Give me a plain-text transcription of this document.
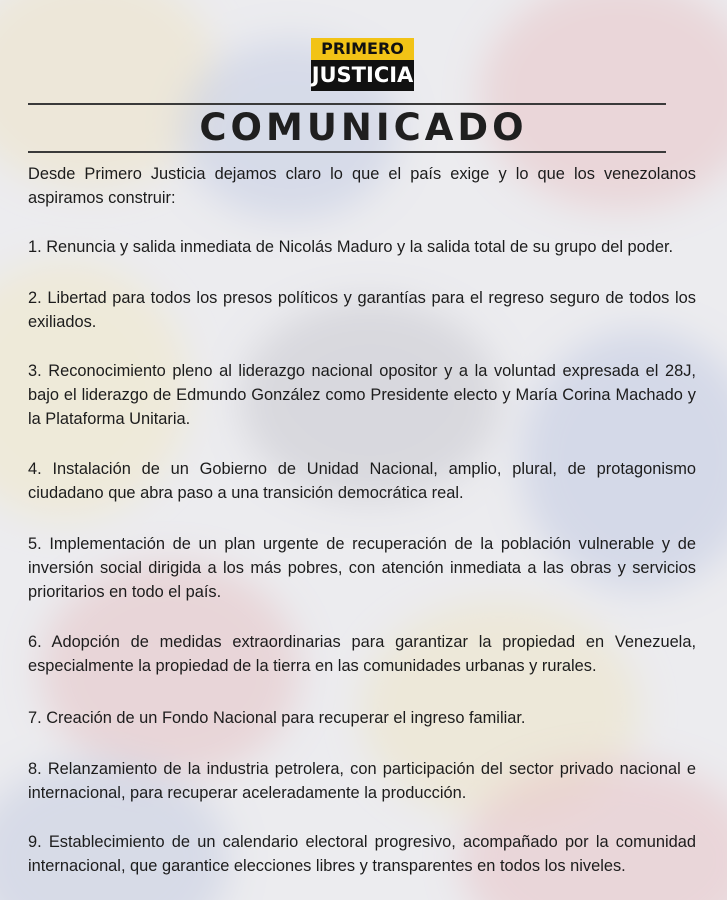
PRIMERO
JUSTICIA
COMUNICADO

Desde Primero Justicia dejamos claro lo que el país exige y lo que los venezolanos aspiramos construir:

1. Renuncia y salida inmediata de Nicolás Maduro y la salida total de su grupo del poder.

2. Libertad para todos los presos políticos y garantías para el regreso seguro de todos los exiliados.

3. Reconocimiento pleno al liderazgo nacional opositor y a la voluntad expresada el 28J, bajo el liderazgo de Edmundo González como Presidente electo y María Corina Machado y la Plataforma Unitaria.

4. Instalación de un Gobierno de Unidad Nacional, amplio, plural, de protagonismo ciudadano que abra paso a una transición democrática real.

5. Implementación de un plan urgente de recuperación de la población vulnerable y de inversión social dirigida a los más pobres, con atención inmediata a las obras y servicios prioritarios en todo el país.

6. Adopción de medidas extraordinarias para garantizar la propiedad en Venezuela, especialmente la propiedad de la tierra en las comunidades urbanas y rurales.

7. Creación de un Fondo Nacional para recuperar el ingreso familiar.

8. Relanzamiento de la industria petrolera, con participación del sector privado nacional e internacional, para recuperar aceleradamente la producción.

9. Establecimiento de un calendario electoral progresivo, acompañado por la comunidad internacional, que garantice elecciones libres y transparentes en todos los niveles.
